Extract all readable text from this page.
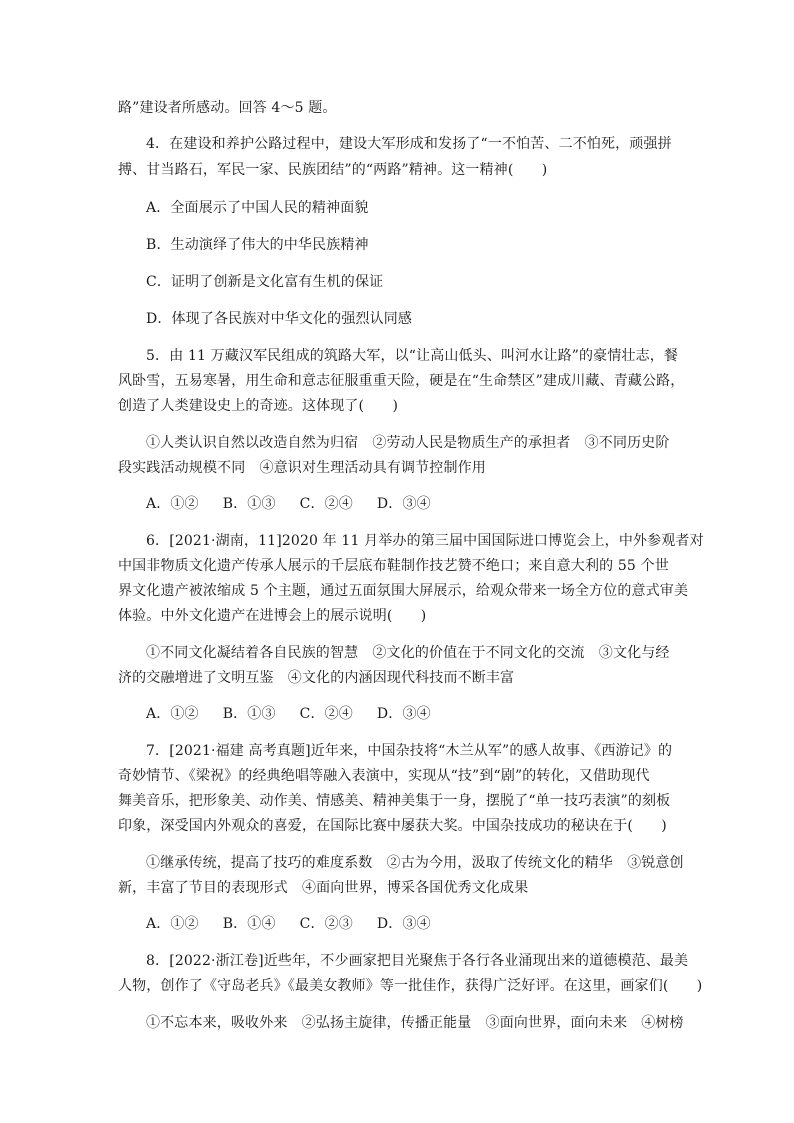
路”建设者所感动。回答 4～5 题。
4．在建设和养护公路过程中，建设大军形成和发扬了“一不怕苦、二不怕死，顽强拼
搏、甘当路石，军民一家、民族团结”的“两路”精神。这一精神(　　)
A．全面展示了中国人民的精神面貌
B．生动演绎了伟大的中华民族精神
C．证明了创新是文化富有生机的保证
D．体现了各民族对中华文化的强烈认同感
5．由 11 万藏汉军民组成的筑路大军，以“让高山低头、叫河水让路”的豪情壮志，餐
风卧雪，五易寒暑，用生命和意志征服重重天险，硬是在“生命禁区”建成川藏、青藏公路，
创造了人类建设史上的奇迹。这体现了(　　)
①人类认识自然以改造自然为归宿　②劳动人民是物质生产的承担者　③不同历史阶
段实践活动规模不同　④意识对生理活动具有调节控制作用
A．①② B．①③ C．②④ D．③④
6．[2021·湖南，11]2020 年 11 月举办的第三届中国国际进口博览会上，中外参观者对
中国非物质文化遗产传承人展示的千层底布鞋制作技艺赞不绝口；来自意大利的 55 个世
界文化遗产被浓缩成 5 个主题，通过五面氛围大屏展示，给观众带来一场全方位的意式审美
体验。中外文化遗产在进博会上的展示说明(　　)
①不同文化凝结着各自民族的智慧　②文化的价值在于不同文化的交流　③文化与经
济的交融增进了文明互鉴　④文化的内涵因现代科技而不断丰富
A．①② B．①③ C．②④ D．③④
7．[2021·福建 高考真题]近年来，中国杂技将“木兰从军”的感人故事、《西游记》的
奇妙情节、《梁祝》的经典绝唱等融入表演中，实现从“技”到“剧”的转化，又借助现代
舞美音乐，把形象美、动作美、情感美、精神美集于一身，摆脱了“单一技巧表演”的刻板
印象，深受国内外观众的喜爱，在国际比赛中屡获大奖。中国杂技成功的秘诀在于(　　)
①继承传统，提高了技巧的难度系数　②古为今用，汲取了传统文化的精华　③锐意创
新，丰富了节目的表现形式　④面向世界，博采各国优秀文化成果
A．①② B．①④ C．②③ D．③④
8．[2022·浙江卷]近些年，不少画家把目光聚焦于各行各业涌现出来的道德模范、最美
人物，创作了《守岛老兵》《最美女教师》等一批佳作，获得广泛好评。在这里，画家们(　　)
①不忘本来，吸收外来　②弘扬主旋律，传播正能量　③面向世界，面向未来　④树榜
